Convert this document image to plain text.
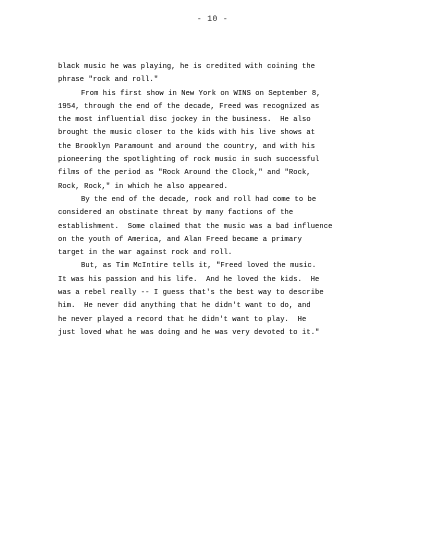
- 10 -
black music he was playing, he is credited with coining the
phrase "rock and roll."
From his first show in New York on WINS on September 8,
1954, through the end of the decade, Freed was recognized as
the most influential disc jockey in the business.  He also
brought the music closer to the kids with his live shows at
the Brooklyn Paramount and around the country, and with his
pioneering the spotlighting of rock music in such successful
films of the period as "Rock Around the Clock," and "Rock,
Rock, Rock," in which he also appeared.
By the end of the decade, rock and roll had come to be
considered an obstinate threat by many factions of the
establishment.  Some claimed that the music was a bad influence
on the youth of America, and Alan Freed became a primary
target in the war against rock and roll.
But, as Tim McIntire tells it, "Freed loved the music.
It was his passion and his life.  And he loved the kids.  He
was a rebel really -- I guess that's the best way to describe
him.  He never did anything that he didn't want to do, and
he never played a record that he didn't want to play.  He
just loved what he was doing and he was very devoted to it."
